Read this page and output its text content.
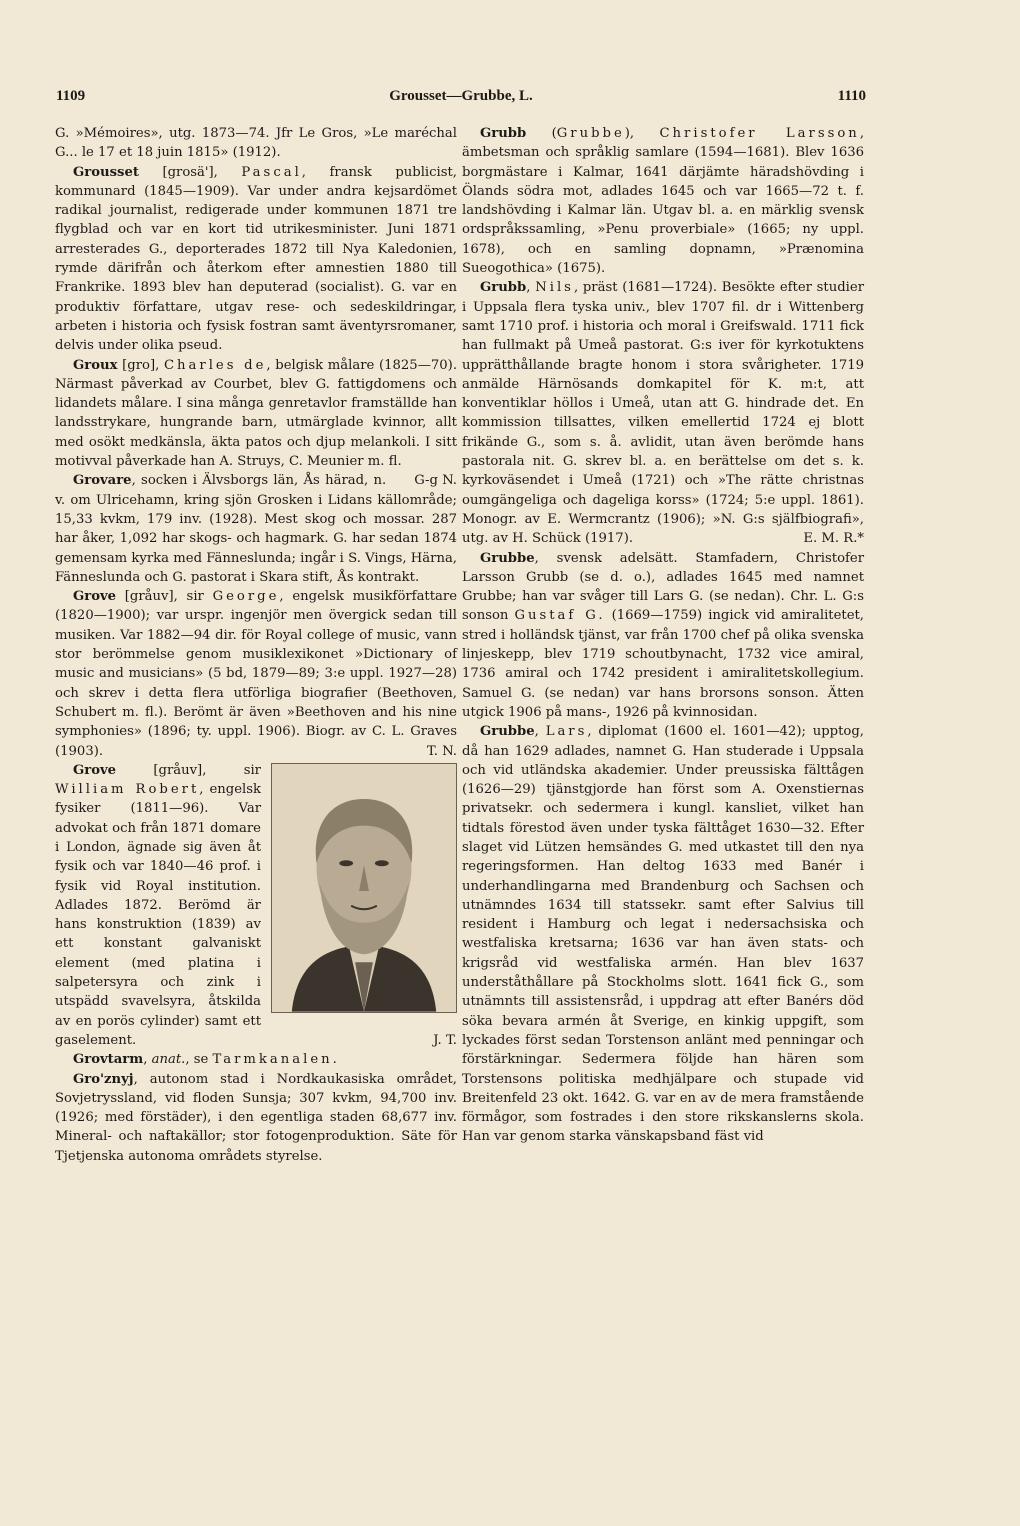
1109	Grousset—Grubbe, L.	1110

G. »Mémoires», utg. 1873—74. Jfr Le Gros, »Le maréchal G... le 17 et 18 juin 1815» (1912).

Grousset [grosä'], Pascal, fransk publicist, kommunard (1845—1909). Var under andra kejsardömet radikal journalist, redigerade under kommunen 1871 tre flygblad och var en kort tid utrikesminister. Juni 1871 arresterades G., deporterades 1872 till Nya Kaledonien, rymde därifrån och återkom efter amnestien 1880 till Frankrike. 1893 blev han deputerad (socialist). G. var en produktiv författare, utgav rese- och sedeskildringar, arbeten i historia och fysisk fostran samt äventyrsromaner, delvis under olika pseud.

Groux [gro], Charles de, belgisk målare (1825—70). Närmast påverkad av Courbet, blev G. fattigdomens och lidandets målare. I sina många genretavlor framställde han landsstrykare, hungrande barn, utmärglade kvinnor, allt med osökt medkänsla, äkta patos och djup melankoli. I sitt motivval påverkade han A. Struys, C. Meunier m. fl.
G-g N.

Grovare, socken i Älvsborgs län, Ås härad, n. v. om Ulricehamn, kring sjön Grosken i Lidans källområde; 15,33 kvkm, 179 inv. (1928). Mest skog och mossar. 287 har åker, 1,092 har skogs- och hagmark. G. har sedan 1874 gemensam kyrka med Fänneslunda; ingår i S. Vings, Härna, Fänneslunda och G. pastorat i Skara stift, Ås kontrakt.

Grove [gråuv], sir George, engelsk musikförfattare (1820—1900); var urspr. ingenjör men övergick sedan till musiken. Var 1882—94 dir. för Royal college of music, vann stor berömmelse genom musiklexikonet »Dictionary of music and musicians» (5 bd, 1879—89; 3:e uppl. 1927—28) och skrev i detta flera utförliga biografier (Beethoven, Schubert m. fl.). Berömt är även »Beethoven and his nine symphonies» (1896; ty. uppl. 1906). Biogr. av C. L. Graves (1903).	T. N.

Grove [gråuv], sir William Robert, engelsk fysiker (1811—96). Var advokat och från 1871 domare i London, ägnade sig även åt fysik och var 1840—46 prof. i fysik vid Royal institution. Adlades 1872. Berömd är hans konstruktion (1839) av ett konstant galvaniskt element (med platina i salpetersyra och zink i utspädd svavelsyra, åtskilda av en porös cylinder) samt ett gaselement.	J. T.

Grovtarm, anat., se Tarmkanalen.

Gro'znyj, autonom stad i Nordkaukasiska området, Sovjetryssland, vid floden Sunsja; 307 kvkm, 94,700 inv. (1926; med förstäder), i den egentliga staden 68,677 inv. Mineral- och naftakällor; stor fotogenproduktion. Säte för Tjetjenska autonoma områdets styrelse.

Grubb (Grubbe), Christofer Larsson, ämbetsman och språklig samlare (1594—1681). Blev 1636 borgmästare i Kalmar, 1641 därjämte häradshövding i Ölands södra mot, adlades 1645 och var 1665—72 t. f. landshövding i Kalmar län. Utgav bl. a. en märklig svensk ordspråkssamling, »Penu proverbiale» (1665; ny uppl. 1678), och en samling dopnamn, »Prænomina Sueogothica» (1675).

Grubb, Nils, präst (1681—1724). Besökte efter studier i Uppsala flera tyska univ., blev 1707 fil. dr i Wittenberg samt 1710 prof. i historia och moral i Greifswald. 1711 fick han fullmakt på Umeå pastorat. G:s iver för kyrkotuktens upprätthållande bragte honom i stora svårigheter. 1719 anmälde Härnösands domkapitel för K. m:t, att konventiklar höllos i Umeå, utan att G. hindrade det. En kommission tillsattes, vilken emellertid 1724 ej blott frikände G., som s. å. avlidit, utan även berömde hans pastorala nit. G. skrev bl. a. en berättelse om det s. k. kyrkoväsendet i Umeå (1721) och »The rätte christnas oumgängeliga och dageliga korss» (1724; 5:e uppl. 1861). Monogr. av E. Wermcrantz (1906); »N. G:s själfbiografi», utg. av H. Schück (1917).	E. M. R.*

Grubbe, svensk adelsätt. Stamfadern, Christofer Larsson Grubb (se d. o.), adlades 1645 med namnet Grubbe; han var svåger till Lars G. (se nedan). Chr. L. G:s sonson Gustaf G. (1669—1759) ingick vid amiralitetet, stred i holländsk tjänst, var från 1700 chef på olika svenska linjeskepp, blev 1719 schoutbynacht, 1732 vice amiral, 1736 amiral och 1742 president i amiralitetskollegium. Samuel G. (se nedan) var hans brorsons sonson. Ätten utgick 1906 på mans-, 1926 på kvinnosidan.

Grubbe, Lars, diplomat (1600 el. 1601—42); upptog, då han 1629 adlades, namnet G. Han studerade i Uppsala och vid utländska akademier. Under preussiska fälttågen (1626—29) tjänstgjorde han först som A. Oxenstiernas privatsekr. och sedermera i kungl. kansliet, vilket han tidtals förestod även under tyska fälttåget 1630—32. Efter slaget vid Lützen hemsändes G. med utkastet till den nya regeringsformen. Han deltog 1633 med Banér i underhandlingarna med Brandenburg och Sachsen och utnämndes 1634 till statssekr. samt efter Salvius till resident i Hamburg och legat i nedersachsiska och westfaliska kretsarna; 1636 var han även stats- och krigsråd vid westfaliska armén. Han blev 1637 underståthållare på Stockholms slott. 1641 fick G., som utnämnts till assistensråd, i uppdrag att efter Banérs död söka bevara armén åt Sverige, en kinkig uppgift, som lyckades först sedan Torstenson anlänt med penningar och förstärkningar. Sedermera följde han hären som Torstensons politiska medhjälpare och stupade vid Breitenfeld 23 okt. 1642. G. var en av de mera framstående förmågor, som fostrades i den store rikskanslerns skola. Han var genom starka vänskapsband fäst vid
